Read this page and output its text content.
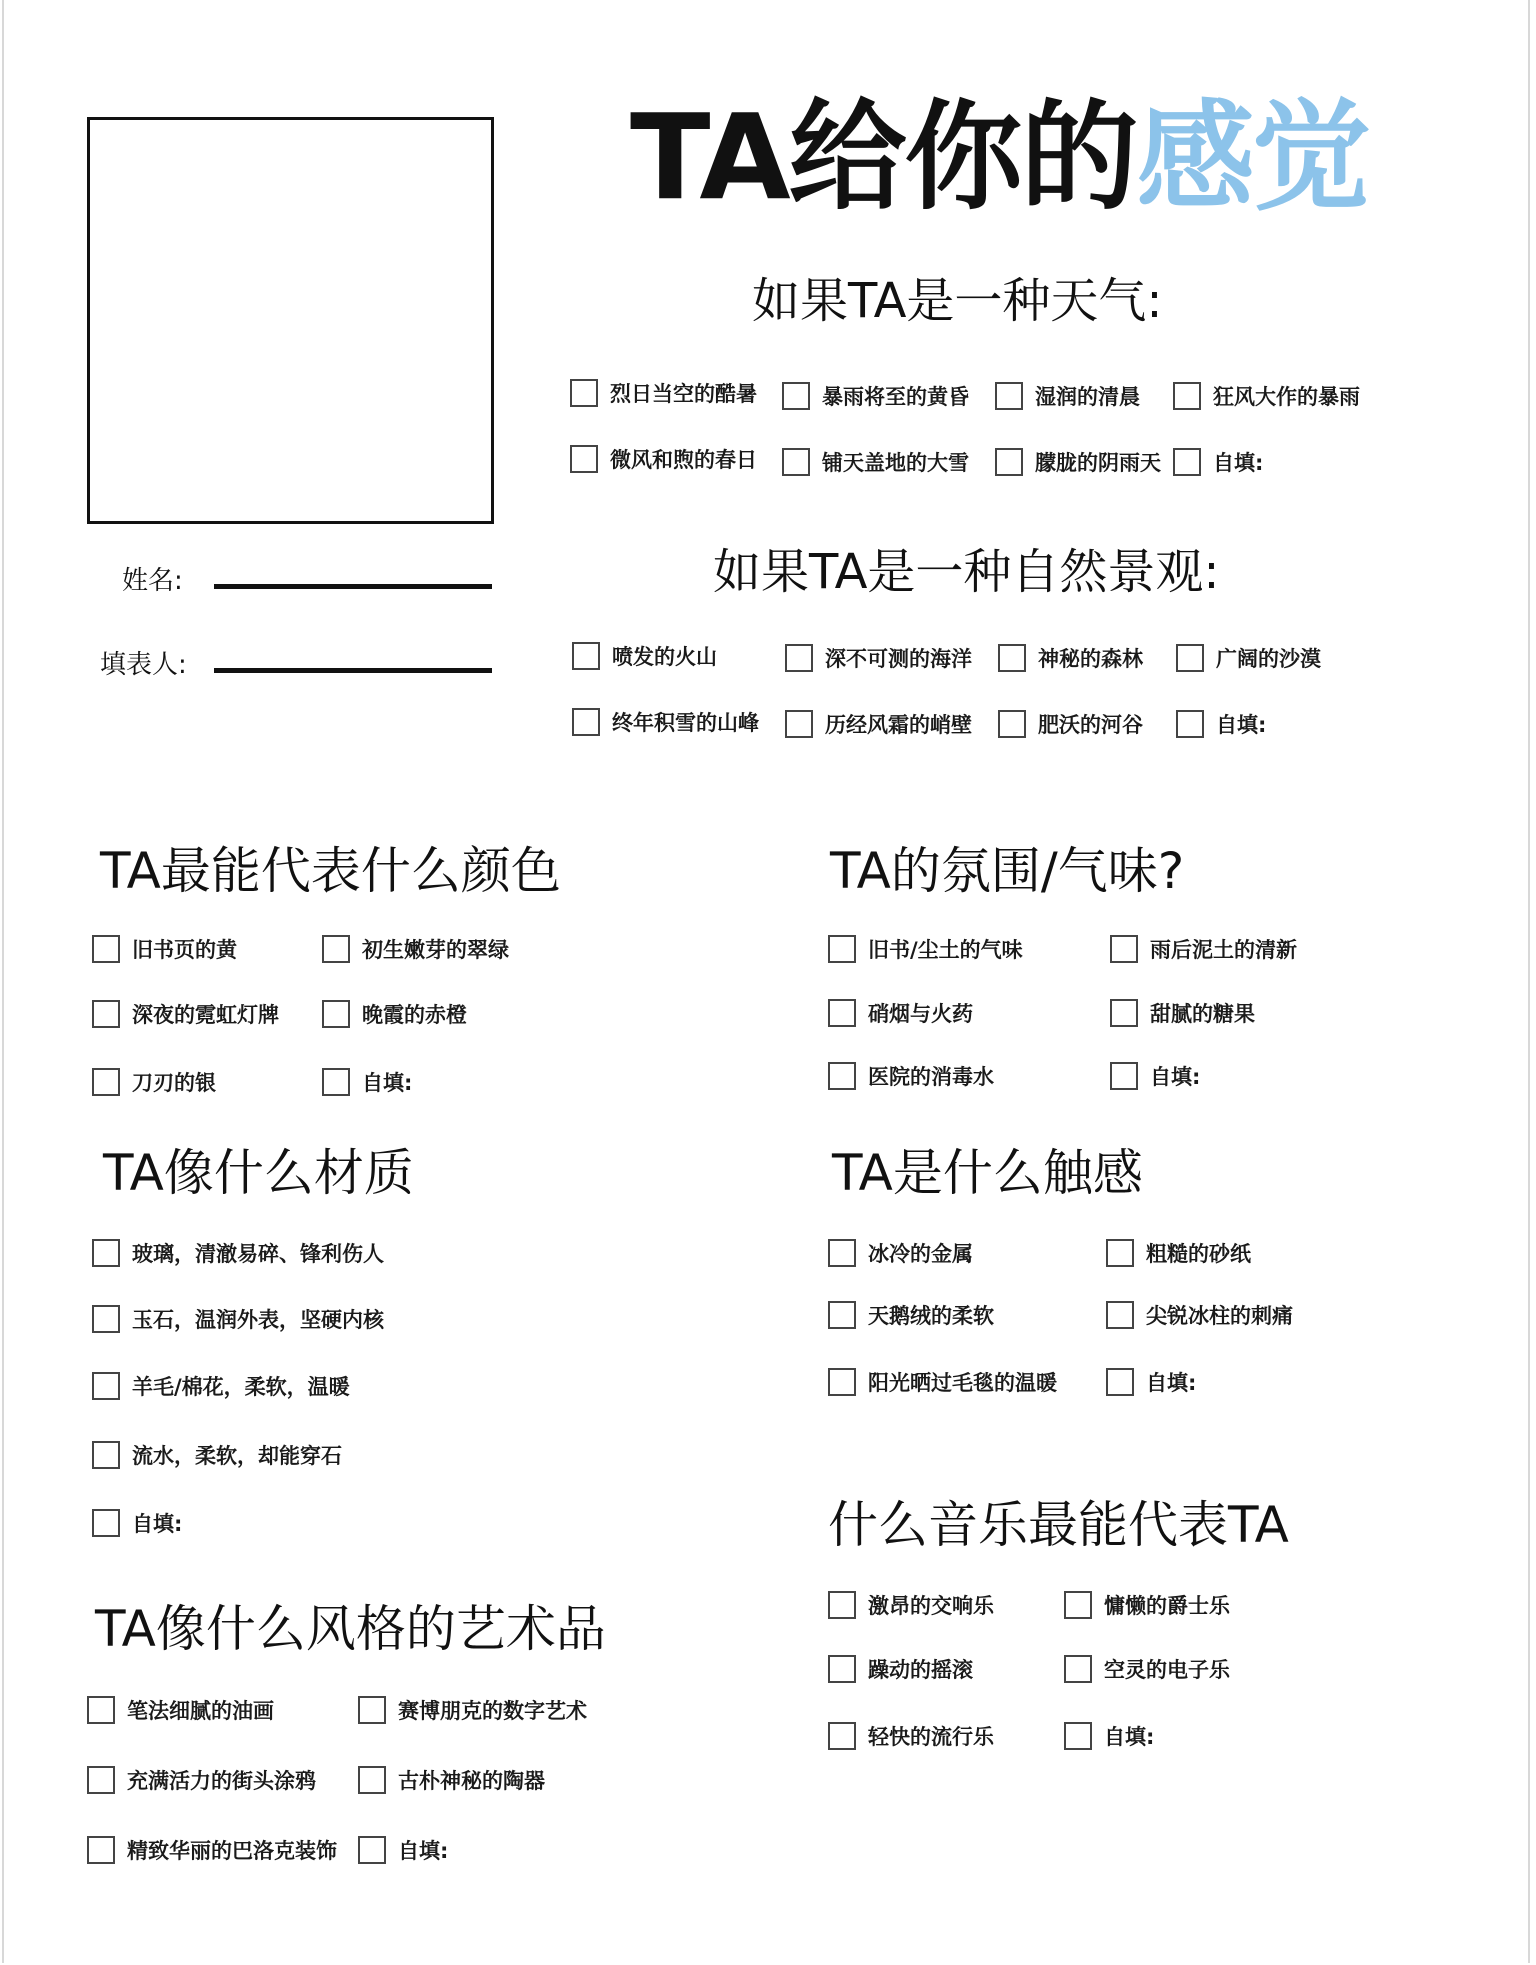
TA给你的感觉
姓名:
填表人:
如果TA是一种天气:
烈日当空的酷暑	暴雨将至的黄昏	湿润的清晨	狂风大作的暴雨
微风和煦的春日	铺天盖地的大雪	朦胧的阴雨天 自填:
如果TA是一种自然景观:
喷发的火山	深不可测的海洋	神秘的森林	广阔的沙漠
终年积雪的山峰	历经风霜的峭壁	肥沃的河谷	自填:
TA最能代表什么颜色
旧书页的黄	初生嫩芽的翠绿
深夜的霓虹灯牌	晚霞的赤橙
刀刃的银	自填:
TA的氛围/气味?
旧书/尘土的气味	雨后泥土的清新
硝烟与火药	甜腻的糖果
医院的消毒水	自填:
TA像什么材质
玻璃，清澈易碎、锋利伤人
玉石，温润外表，坚硬内核
羊毛/棉花，柔软，温暖
流水，柔软，却能穿石
自填:
TA是什么触感
冰冷的金属	粗糙的砂纸
天鹅绒的柔软	尖锐冰柱的刺痛
阳光晒过毛毯的温暖	自填:
TA像什么风格的艺术品
笔法细腻的油画	赛博朋克的数字艺术
充满活力的街头涂鸦	古朴神秘的陶器
精致华丽的巴洛克装饰	自填:
什么音乐最能代表TA
激昂的交响乐	慵懒的爵士乐
躁动的摇滚	空灵的电子乐
轻快的流行乐	自填:
